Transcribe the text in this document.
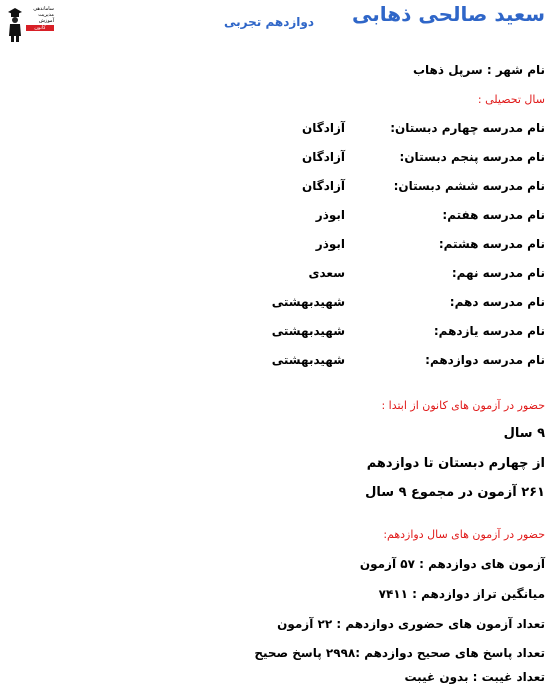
ساماندهی
مدیریت
آموزش
کانون
سعید صالحی ذهابی
دوازدهم تجربی
نام شهر : سرپل ذهاب
سال تحصیلی :
نام مدرسه چهارم دبستان:
آزادگان
نام مدرسه پنجم دبستان:
آزادگان
نام مدرسه ششم دبستان:
آزادگان
نام مدرسه هفتم:
ابوذر
نام مدرسه هشتم:
ابوذر
نام مدرسه نهم:
سعدی
نام مدرسه دهم:
شهیدبهشتی
نام مدرسه یازدهم:
شهیدبهشتی
نام مدرسه دوازدهم:
شهیدبهشتی
حضور در آزمون های کانون از ابتدا :
۹ سال
از چهارم دبستان تا دوازدهم
۲۶۱ آزمون در مجموع ۹ سال
حضور در آزمون های سال دوازدهم:
آزمون های دوازدهم : ۵۷ آزمون
میانگین تراز دوازدهم : ۷۴۱۱
تعداد آزمون های حضوری دوازدهم : ۲۲ آزمون
تعداد پاسخ های صحیح دوازدهم :۲۹۹۸ پاسخ صحیح
تعداد غیبت : بدون غیبت
